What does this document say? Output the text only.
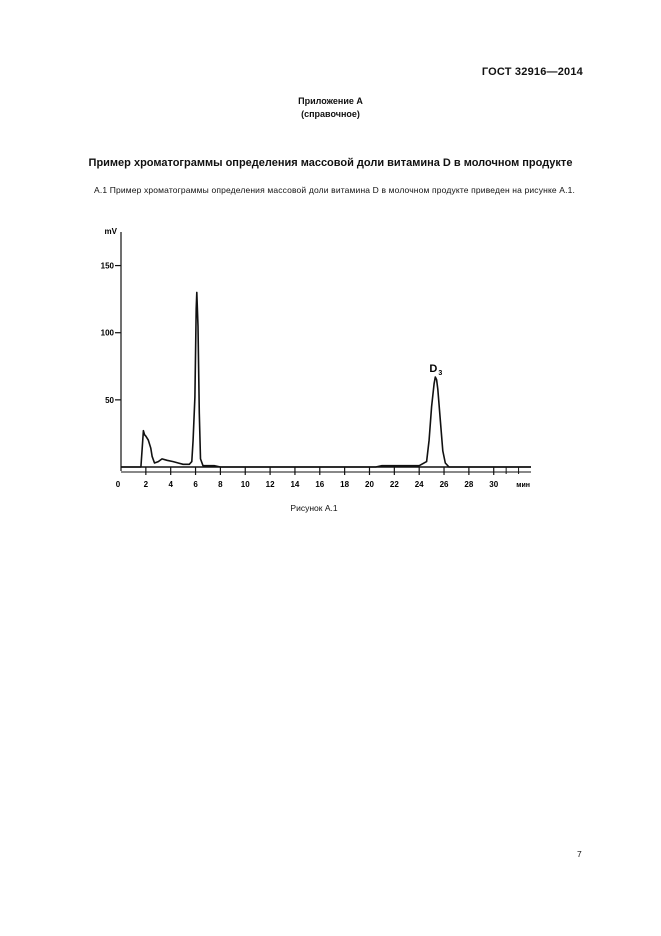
ГОСТ 32916—2014
Приложение А
(справочное)
Пример хроматограммы определения массовой доли витамина D в молочном продукте
А.1 Пример хроматограммы определения массовой доли витамина D в молочном продукте приведен на рисунке А.1.
mV
мин
50
100
150
0	2	4	6	8 10 12 14 16 18 20 22 24 26 28 30
D 3
Рисунок А.1
7
